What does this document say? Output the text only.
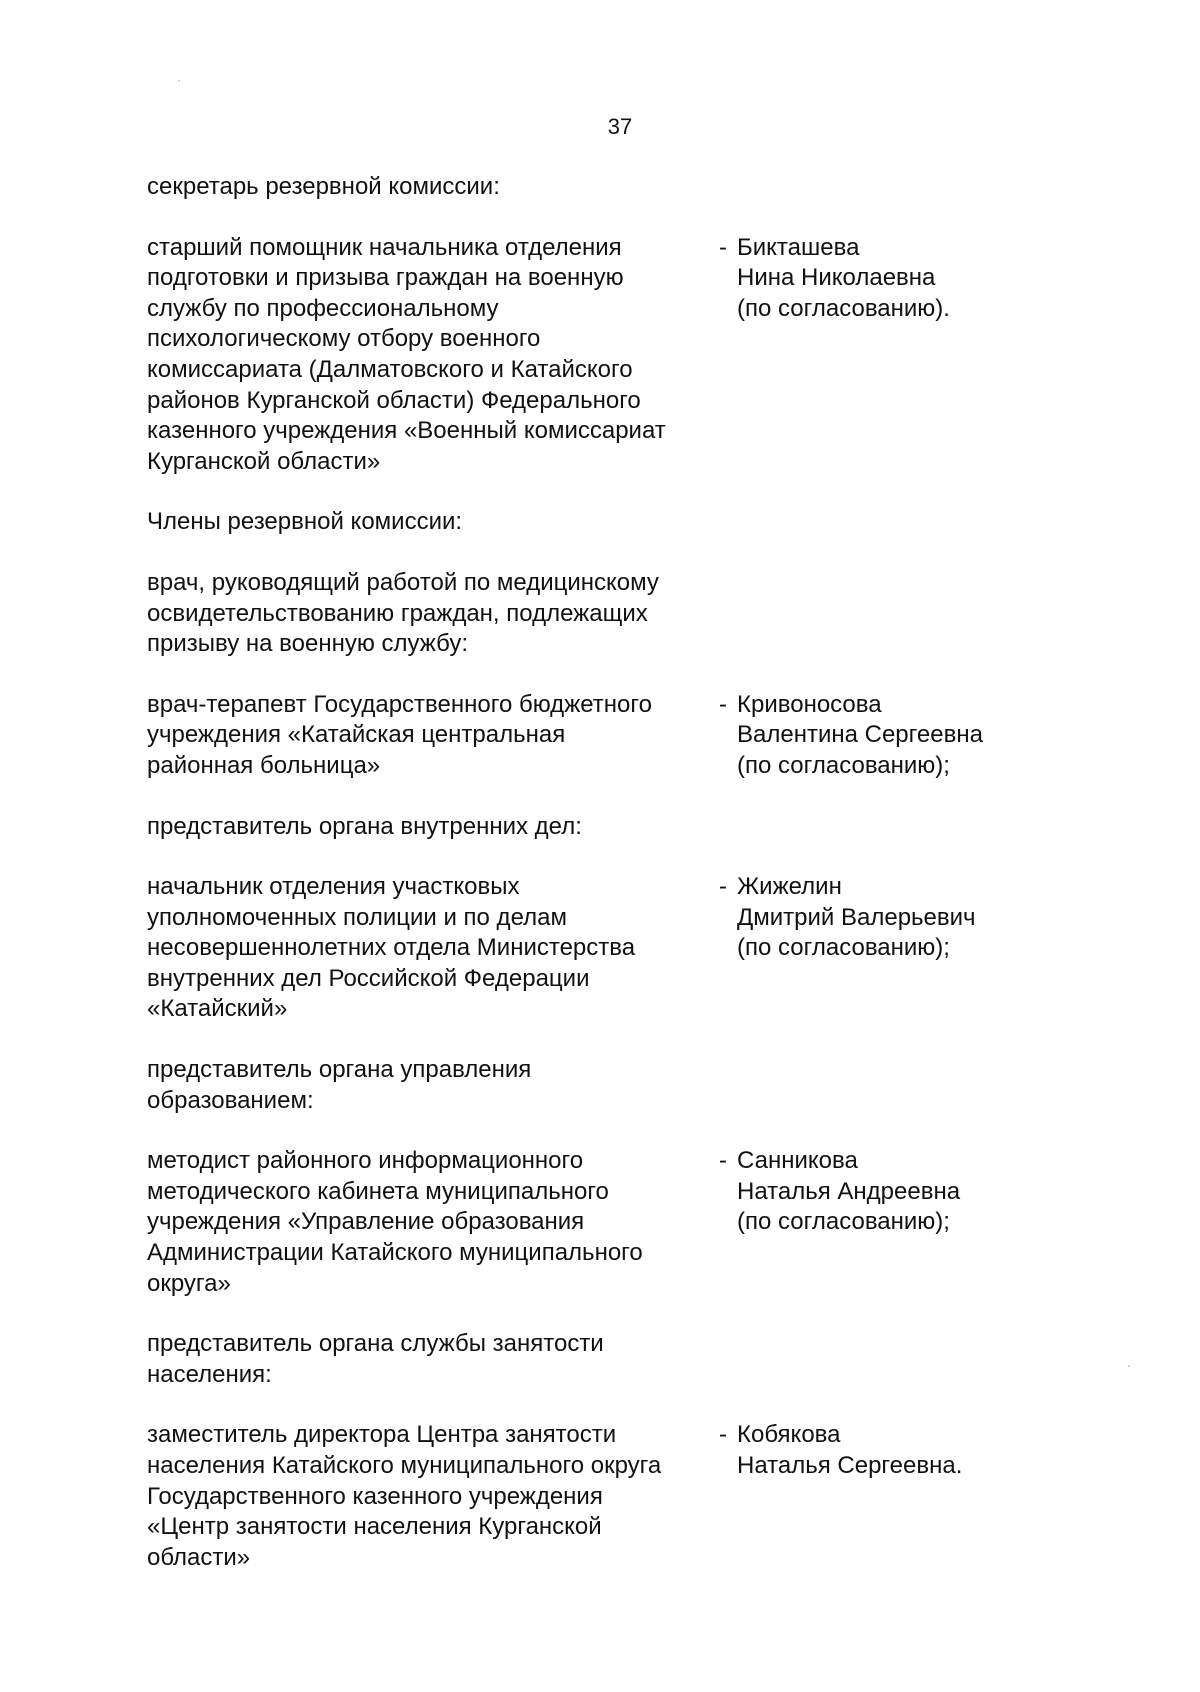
37
секретарь резервной комиссии:
старший помощник начальника отделения
подготовки и призыва граждан на военную
службу по профессиональному
психологическому отбору военного
комиссариата (Далматовского и Катайского
районов Курганской области) Федерального
казенного учреждения «Военный комиссариат
Курганской области»
- Бикташева
Нина Николаевна
(по согласованию).
Члены резервной комиссии:
врач, руководящий работой по медицинскому
освидетельствованию граждан, подлежащих
призыву на военную службу:
врач-терапевт Государственного бюджетного
учреждения «Катайская центральная
районная больница»
- Кривоносова
Валентина Сергеевна
(по согласованию);
представитель органа внутренних дел:
начальник отделения участковых
уполномоченных полиции и по делам
несовершеннолетних отдела Министерства
внутренних дел Российской Федерации
«Катайский»
- Жижелин
Дмитрий Валерьевич
(по согласованию);
представитель органа управления
образованием:
методист районного информационного
методического кабинета муниципального
учреждения «Управление образования
Администрации Катайского муниципального
округа»
- Санникова
Наталья Андреевна
(по согласованию);
представитель органа службы занятости
населения:
заместитель директора Центра занятости
населения Катайского муниципального округа
Государственного казенного учреждения
«Центр занятости населения Курганской
области»
- Кобякова
Наталья Сергеевна.
